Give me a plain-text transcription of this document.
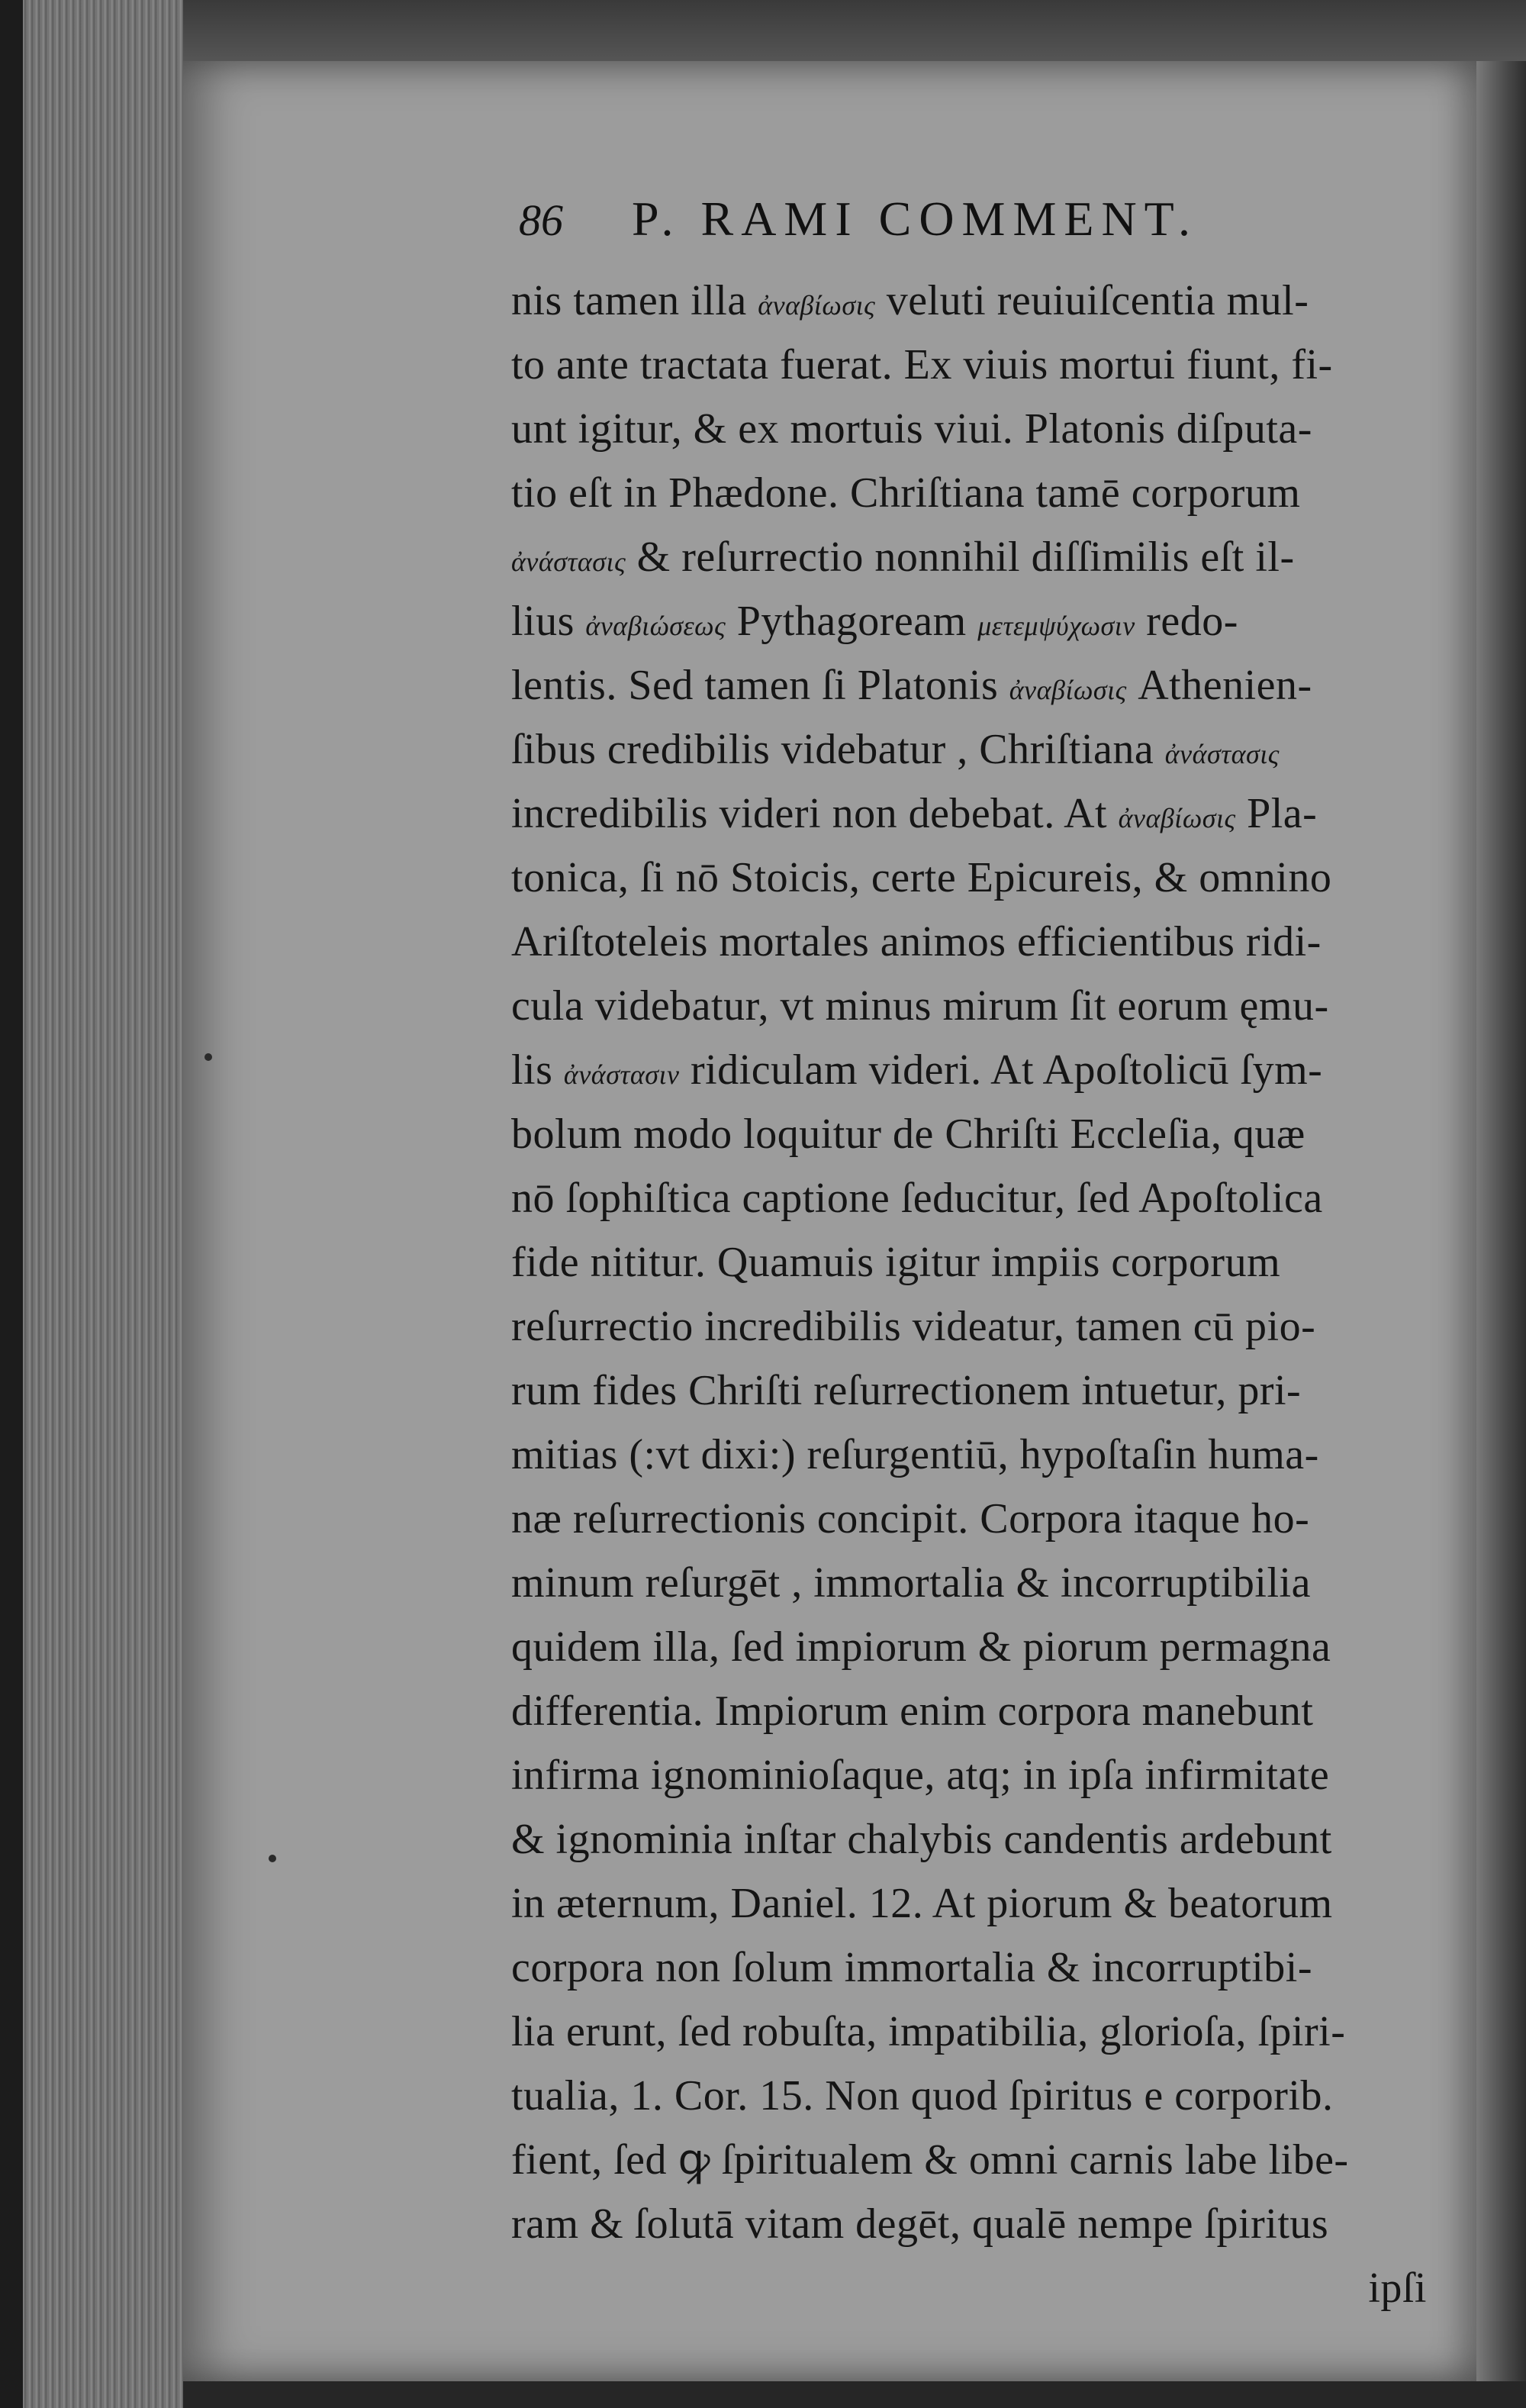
86 P. RAMI COMMENT.
nis tamen illa ἀναβίωσις veluti reuiuiſcentia mul-
to ante tractata fuerat. Ex viuis mortui fiunt, fi-
unt igitur, & ex mortuis viui. Platonis diſputa-
tio eſt in Phædone. Chriſtiana tamē corporum
ἀνάστασις & reſurrectio nonnihil diſſimilis eſt il-
lius ἀναβιώσεως Pythagoream μετεμψύχωσιν redo-
lentis. Sed tamen ſi Platonis ἀναβίωσις Athenien-
ſibus credibilis videbatur , Chriſtiana ἀνάστασις
incredibilis videri non debebat. At ἀναβίωσις Pla-
tonica, ſi nō Stoicis, certe Epicureis, & omnino
Ariſtoteleis mortales animos efficientibus ridi-
cula videbatur, vt minus mirum ſit eorum ęmu-
lis ἀνάστασιν ridiculam videri. At Apoſtolicū ſym-
bolum modo loquitur de Chriſti Eccleſia, quæ
nō ſophiſtica captione ſeducitur, ſed Apoſtolica
fide nititur. Quamuis igitur impiis corporum
reſurrectio incredibilis videatur, tamen cū pio-
rum fides Chriſti reſurrectionem intuetur, pri-
mitias (:vt dixi:) reſurgentiū, hypoſtaſin huma-
næ reſurrectionis concipit. Corpora itaque ho-
minum reſurgēt , immortalia & incorruptibilia
quidem illa, ſed impiorum & piorum permagna
differentia. Impiorum enim corpora manebunt
infirma ignominioſaque, atq; in ipſa infirmitate
& ignominia inſtar chalybis candentis ardebunt
in æternum, Daniel. 12. At piorum & beatorum
corpora non ſolum immortalia & incorruptibi-
lia erunt, ſed robuſta, impatibilia, glorioſa, ſpiri-
tualia, 1. Cor. 15. Non quod ſpiritus e corporib.
fient, ſed ꝙ ſpiritualem & omni carnis labe libe-
ram & ſolutā vitam degēt, qualē nempe ſpiritus
ipſi
